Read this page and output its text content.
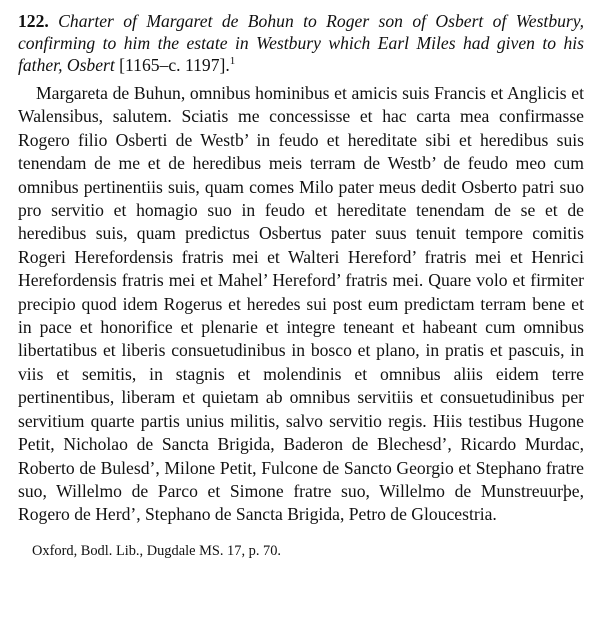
122. Charter of Margaret de Bohun to Roger son of Osbert of Westbury, confirming to him the estate in Westbury which Earl Miles had given to his father, Osbert [1165–c. 1197].$^1$

Margareta de Buhun, omnibus hominibus et amicis suis Francis et Anglicis et Walensibus, salutem. Sciatis me concessisse et hac carta mea confirmasse Rogero filio Osberti de Westb’ in feudo et hereditate sibi et heredibus suis tenendam de me et de heredibus meis terram de Westb’ de feudo meo cum omnibus pertinentiis suis, quam comes Milo pater meus dedit Osberto patri suo pro servitio et homagio suo in feudo et hereditate tenendam de se et de heredibus suis, quam predictus Osbertus pater suus tenuit tempore comitis Rogeri Herefordensis fratris mei et Walteri Hereford’ fratris mei et Henrici Herefordensis fratris mei et Mahel’ Hereford’ fratris mei. Quare volo et firmiter precipio quod idem Rogerus et heredes sui post eum predictam terram bene et in pace et honorifice et plenarie et integre teneant et habeant cum omnibus libertatibus et liberis consuetudinibus in bosco et plano, in pratis et pascuis, in viis et semitis, in stagnis et molendinis et omnibus aliis eidem terre pertinentibus, liberam et quietam ab omnibus servitiis et consuetudinibus per servitium quarte partis unius militis, salvo servitio regis. Hiis testibus Hugone Petit, Nicholao de Sancta Brigida, Baderon de Blechesd’, Ricardo Murdac, Roberto de Bulesd’, Milone Petit, Fulcone de Sancto Georgio et Stephano fratre suo, Willelmo de Parco et Simone fratre suo, Willelmo de Munstreuurþe, Rogero de Herd’, Stephano de Sancta Brigida, Petro de Gloucestria.

Oxford, Bodl. Lib., Dugdale MS. 17, p. 70.
